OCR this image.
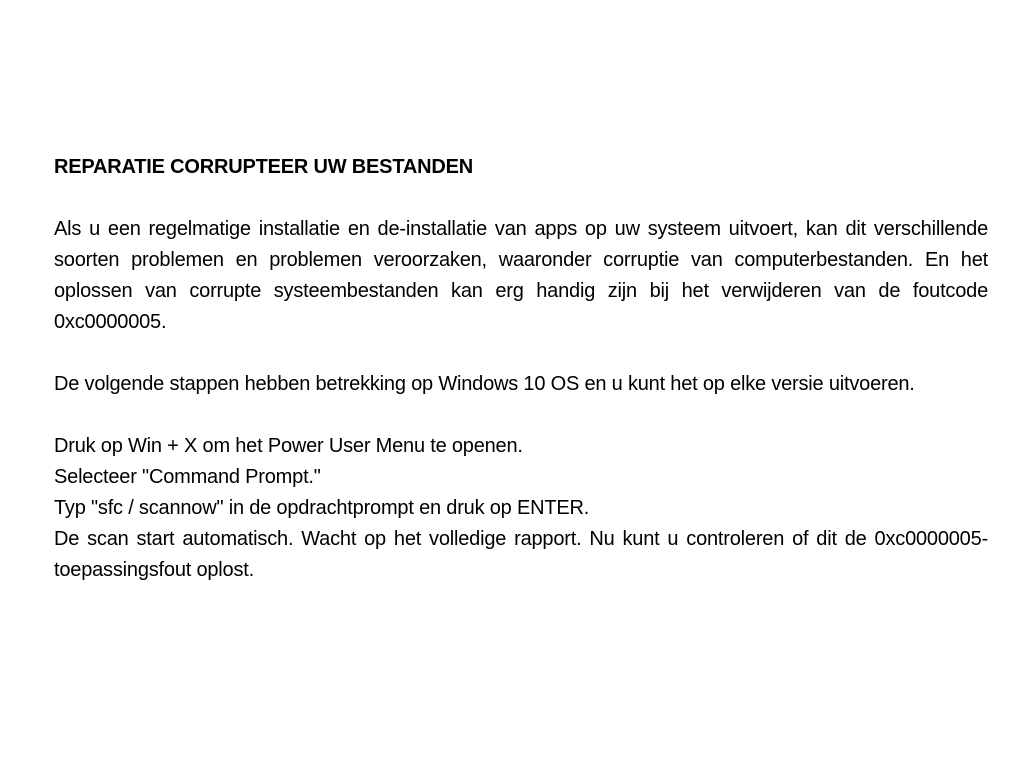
REPARATIE CORRUPTEER UW BESTANDEN

Als u een regelmatige installatie en de-installatie van apps op uw systeem uitvoert, kan dit verschillende soorten problemen en problemen veroorzaken, waaronder corruptie van computerbestanden. En het oplossen van corrupte systeembestanden kan erg handig zijn bij het verwijderen van de foutcode 0xc0000005.

De volgende stappen hebben betrekking op Windows 10 OS en u kunt het op elke versie uitvoeren.

Druk op Win + X om het Power User Menu te openen.

Selecteer "Command Prompt."

Typ "sfc / scannow" in de opdrachtprompt en druk op ENTER.

De scan start automatisch. Wacht op het volledige rapport. Nu kunt u controleren of dit de 0xc0000005-toepassingsfout oplost.
